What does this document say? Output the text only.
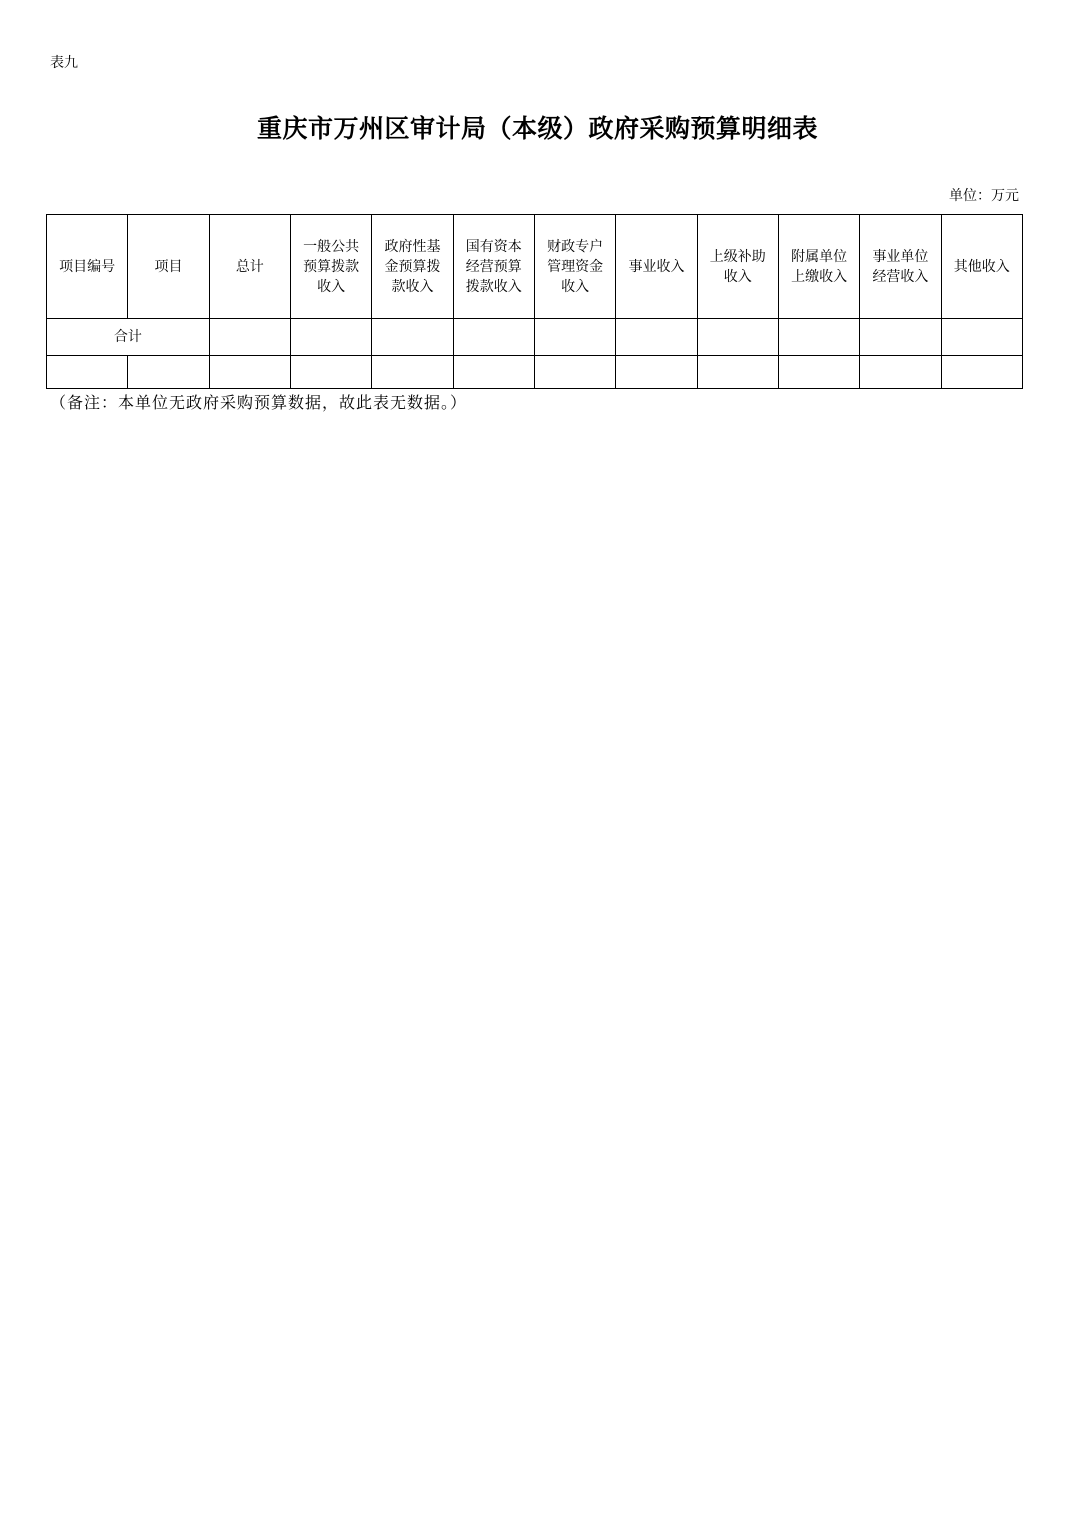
表九
重庆市万州区审计局（本级）政府采购预算明细表
单位：万元
项目编号	项目	总计	一般公共预算拨款收入	政府性基金预算拨款收入	国有资本经营预算拨款收入	财政专户管理资金收入	事业收入	上级补助收入	附属单位上缴收入	事业单位经营收入	其他收入
合计											

（备注：本单位无政府采购预算数据，故此表无数据。）
